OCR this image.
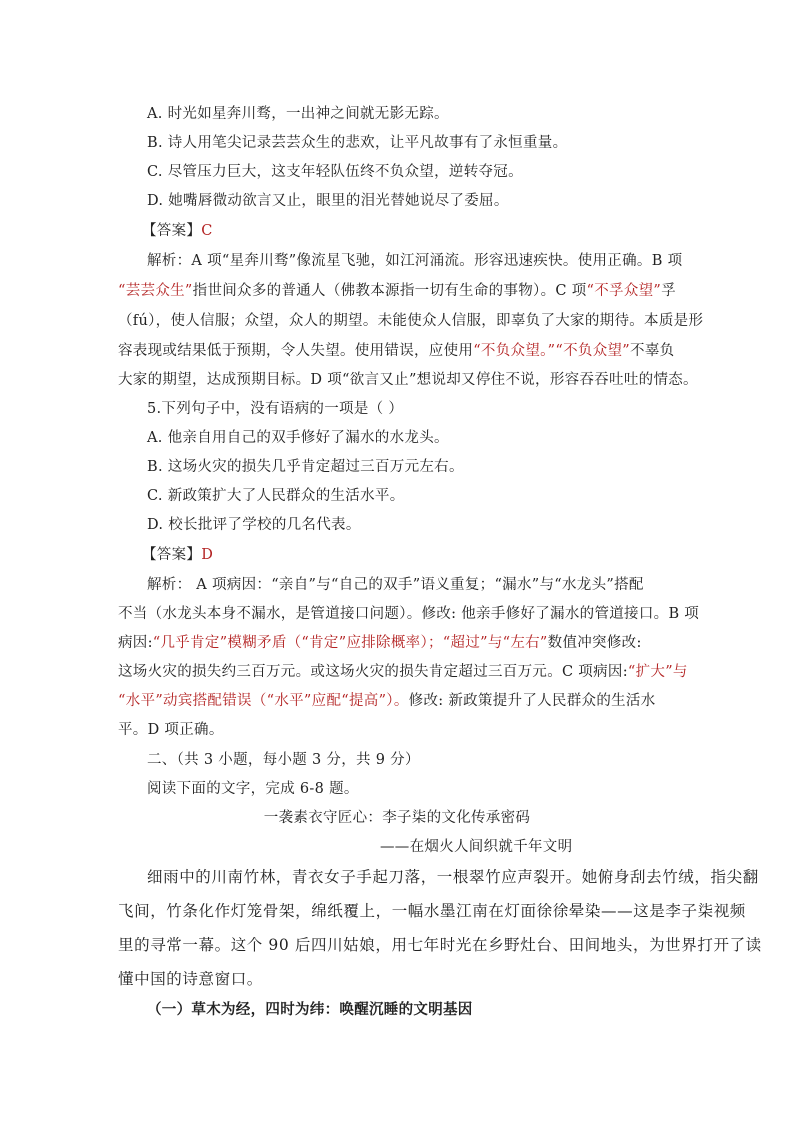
A. 时光如星奔川骛，一出神之间就无影无踪。
B. 诗人用笔尖记录芸芸众生的悲欢，让平凡故事有了永恒重量。
C. 尽管压力巨大，这支年轻队伍终不负众望，逆转夺冠。
D. 她嘴唇微动欲言又止，眼里的泪光替她说尽了委屈。
【答案】C
解析：A 项“星奔川骛”像流星飞驰，如江河涌流。形容迅速疾快。使用正确。B 项
“芸芸众生”指世间众多的普通人（佛教本源指一切有生命的事物）。C 项“不孚众望”孚
（fú），使人信服；众望，众人的期望。未能使众人信服，即辜负了大家的期待。本质是形
容表现或结果低于预期，令人失望。使用错误，应使用“不负众望。”“不负众望”不辜负
大家的期望，达成预期目标。D 项“欲言又止”想说却又停住不说，形容吞吞吐吐的情态。
5.下列句子中，没有语病的一项是（ ）
A. 他亲自用自己的双手修好了漏水的水龙头。
B. 这场火灾的损失几乎肯定超过三百万元左右。
C. 新政策扩大了人民群众的生活水平。
D. 校长批评了学校的几名代表。
【答案】D
解析： A 项病因：“亲自”与“自己的双手”语义重复；“漏水”与“水龙头”搭配
不当（水龙头本身不漏水，是管道接口问题）。修改: 他亲手修好了漏水的管道接口。B 项
病因:“几乎肯定”模糊矛盾（“肯定”应排除概率）；“超过”与“左右”数值冲突修改:
这场火灾的损失约三百万元。或这场火灾的损失肯定超过三百万元。C 项病因:“扩大”与
“水平”动宾搭配错误（“水平”应配“提高”）。修改: 新政策提升了人民群众的生活水
平。D 项正确。
二、（共 3 小题，每小题 3 分，共 9 分）
阅读下面的文字，完成 6-8 题。
一袭素衣守匠心：李子柒的文化传承密码
——在烟火人间织就千年文明
细雨中的川南竹林，青衣女子手起刀落，一根翠竹应声裂开。她俯身刮去竹绒，指尖翻
飞间，竹条化作灯笼骨架，绵纸覆上，一幅水墨江南在灯面徐徐晕染——这是李子柒视频
里的寻常一幕。这个 90 后四川姑娘，用七年时光在乡野灶台、田间地头，为世界打开了读
懂中国的诗意窗口。
（一）草木为经，四时为纬：唤醒沉睡的文明基因
